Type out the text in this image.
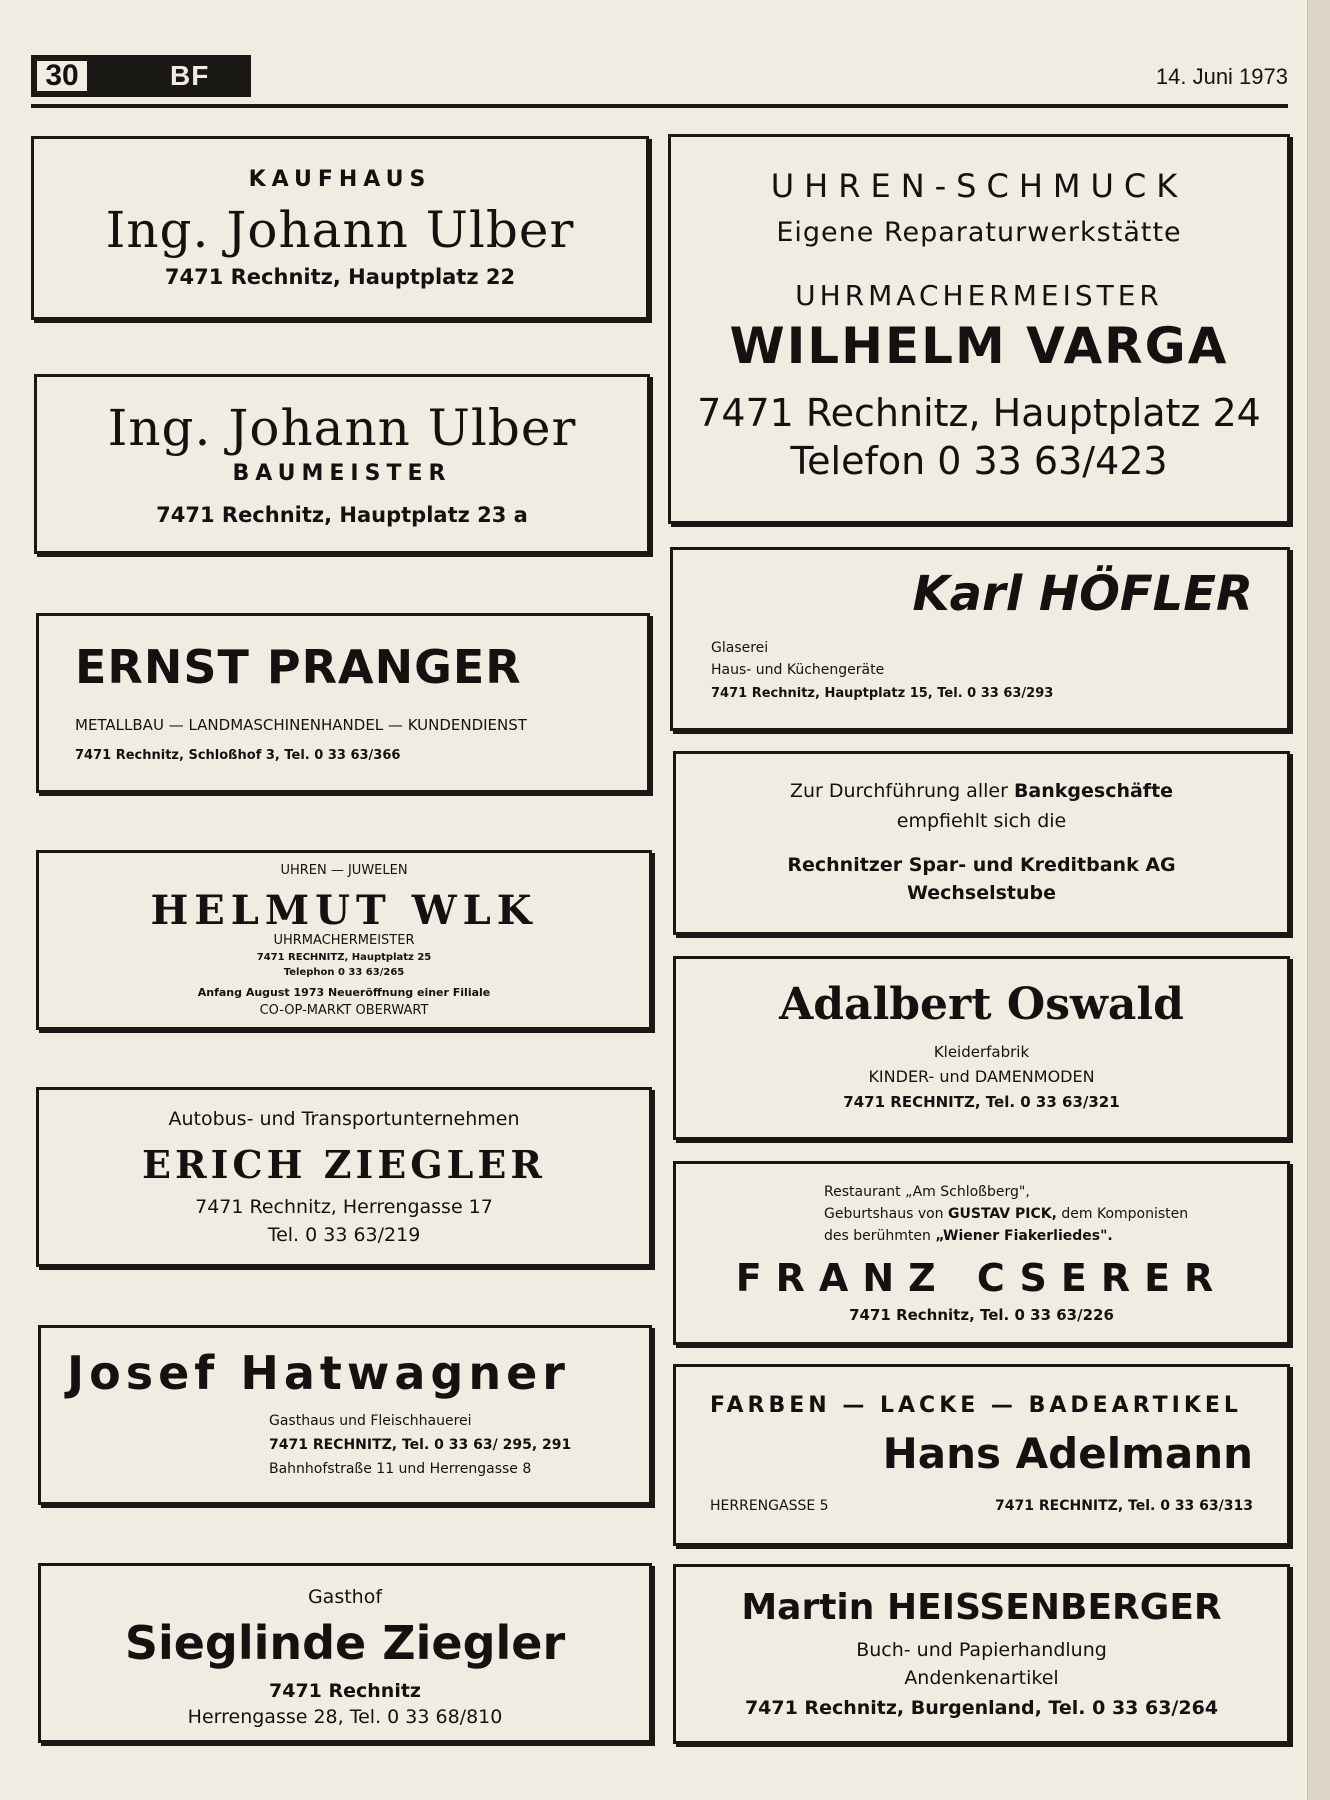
30	BF	14. Juni 1973
KAUFHAUS
Ing. Johann Ulber
7471 Rechnitz, Hauptplatz 22
Ing. Johann Ulber
BAUMEISTER
7471 Rechnitz, Hauptplatz 23 a
ERNST PRANGER
METALLBAU — LANDMASCHINENHANDEL — KUNDENDIENST
7471 Rechnitz, Schloßhof 3, Tel. 0 33 63/366
UHREN — JUWELEN
HELMUT WLK
UHRMACHERMEISTER
7471 RECHNITZ, Hauptplatz 25
Telephon 0 33 63/265
Anfang August 1973 Neueröffnung einer Filiale
CO-OP-MARKT OBERWART
Autobus- und Transportunternehmen
ERICH ZIEGLER
7471 Rechnitz, Herrengasse 17
Tel. 0 33 63/219
Josef Hatwagner
Gasthaus und Fleischhauerei
7471 RECHNITZ, Tel. 0 33 63/ 295, 291
Bahnhofstraße 11 und Herrengasse 8
Gasthof
Sieglinde Ziegler
7471 Rechnitz
Herrengasse 28, Tel. 0 33 68/810
UHREN-SCHMUCK
Eigene Reparaturwerkstätte
UHRMACHERMEISTER
WILHELM VARGA
7471 Rechnitz, Hauptplatz 24
Telefon 0 33 63/423
Karl HÖFLER
Glaserei
Haus- und Küchengeräte
7471 Rechnitz, Hauptplatz 15, Tel. 0 33 63/293
Zur Durchführung aller Bankgeschäfte
empfiehlt sich die
Rechnitzer Spar- und Kreditbank AG
Wechselstube
Adalbert Oswald
Kleiderfabrik
KINDER- und DAMENMODEN
7471 RECHNITZ, Tel. 0 33 63/321
Restaurant „Am Schloßberg",
Geburtshaus von GUSTAV PICK, dem Komponisten
des berühmten „Wiener Fiakerliedes".
FRANZ CSERER
7471 Rechnitz, Tel. 0 33 63/226
FARBEN — LACKE — BADEARTIKEL
Hans Adelmann
HERRENGASSE 5	7471 RECHNITZ, Tel. 0 33 63/313
Martin HEISSENBERGER
Buch- und Papierhandlung
Andenkenartikel
7471 Rechnitz, Burgenland, Tel. 0 33 63/264
